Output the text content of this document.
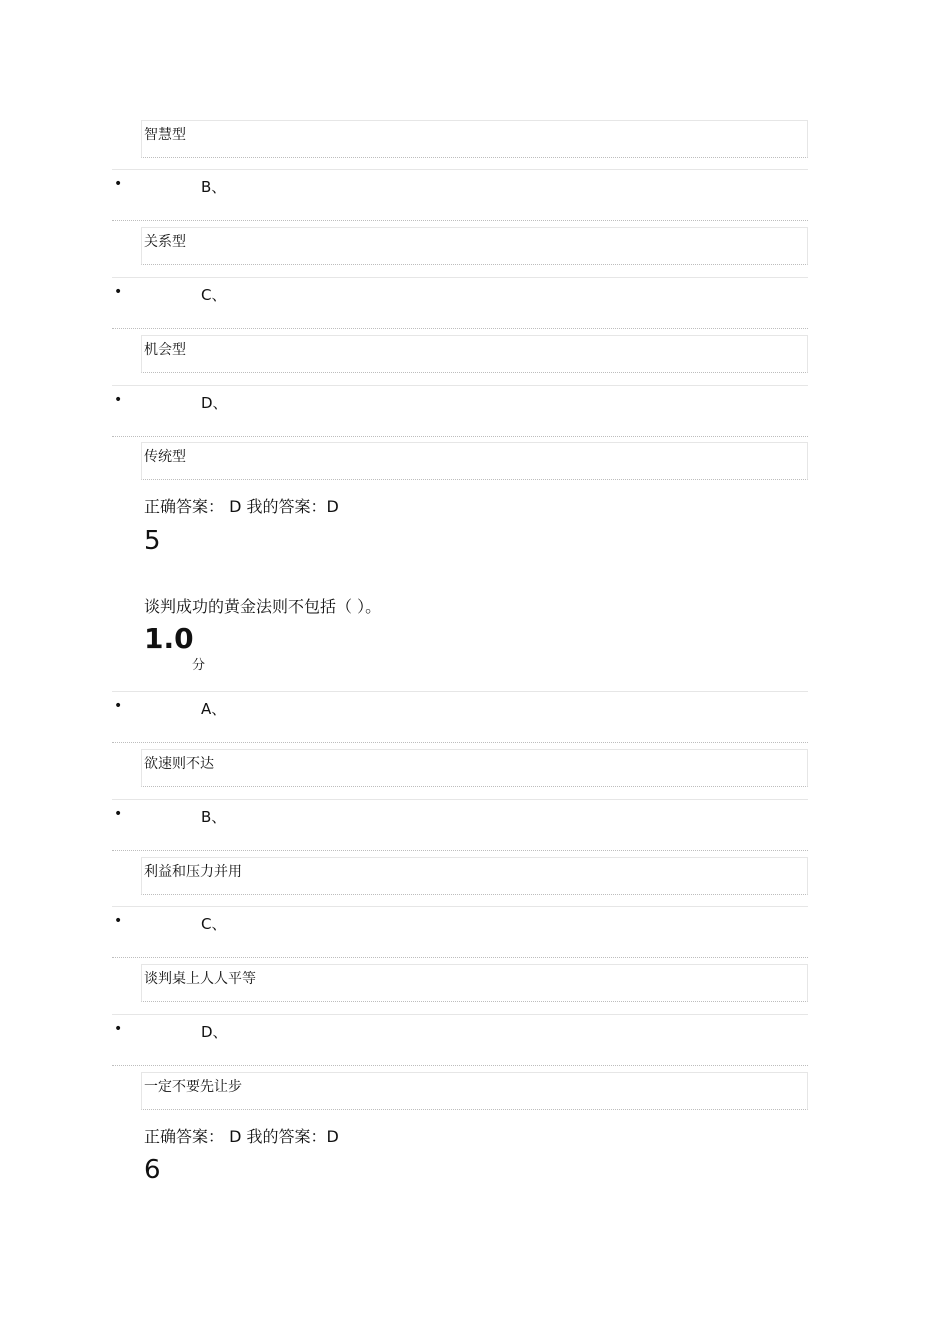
智慧型
•	B、
关系型
•	C、
机会型
•	D、
传统型
正确答案： D 我的答案：D
5
谈判成功的黄金法则不包括（ ）。
1.0
分
•	A、
欲速则不达
•	B、
利益和压力并用
•	C、
谈判桌上人人平等
•	D、
一定不要先让步
正确答案： D 我的答案：D
6
